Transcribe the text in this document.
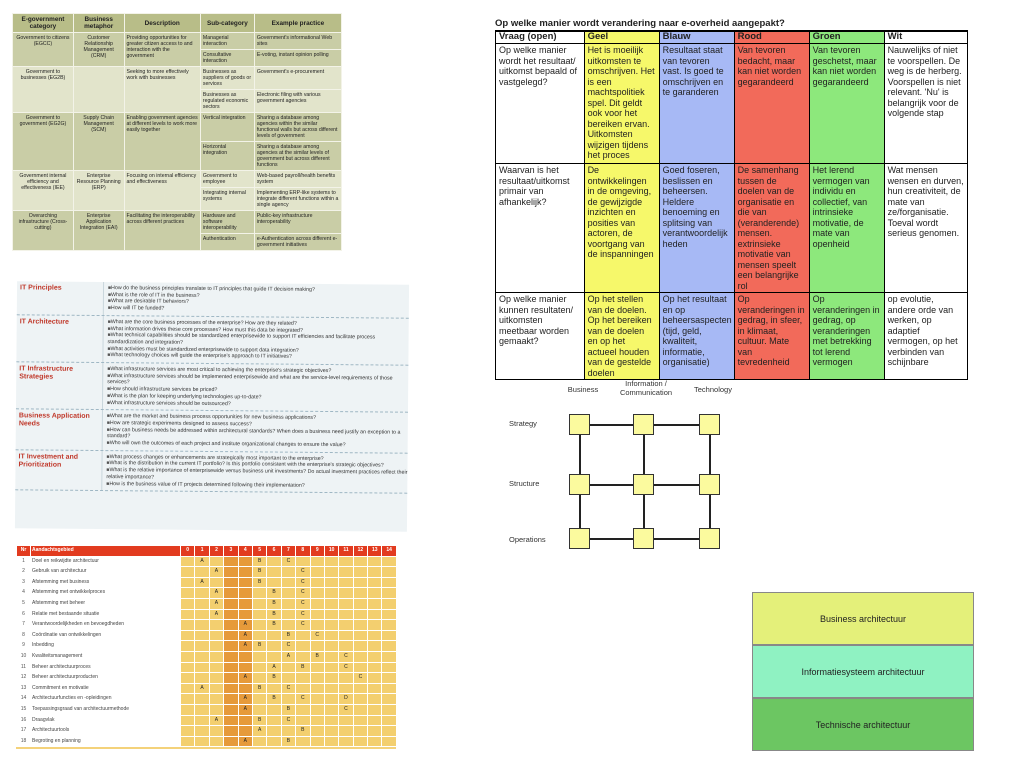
E-government category	Business metaphor	Description	Sub-category	Example practice
Government to citizens (EGCC)	Customer Relationship Management (CRM)	Providing opportunities for greater citizen access to and interaction with the government	Managerial interaction	Government's informational Web sites
			Consultative interaction	E-voting, instant opinion polling
Government to businesses (EG2B)		Seeking to more effectively work with businesses	Businesses as suppliers of goods or services	Government's e-procurement
			Businesses as regulated economic sectors	Electronic filing with various government agencies
Government to government (EG2G)	Supply Chain Management (SCM)	Enabling government agencies at different levels to work more easily together	Vertical integration	Sharing a database among agencies within the similar functional walls but across different levels of government
			Horizontal integration	Sharing a database among agencies at the similar levels of government but across different functions
Government internal efficiency and effectiveness (IEE)	Enterprise Resource Planning (ERP)	Focusing on internal efficiency and effectiveness	Government to employee	Web-based payroll/health benefits system
			Integrating internal systems	Implementing ERP-like systems to integrate different functions within a single agency
Overarching infrastructure (Cross-cutting)	Enterprise Application Integration (EAI)	Facilitating the interoperability across different practices	Hardware and software interoperability	Public-key infrastructure interoperability
			Authentication	e-Authentication across different e-government initiatives
Op welke manier wordt verandering naar e-overheid aangepakt?
Vraag (open)	Geel	Blauw	Rood	Groen	Wit
Op welke manier wordt het resultaat/ uitkomst bepaald of vastgelegd?	Het is moeilijk uitkomsten te omschrijven. Het is een machtspolitiek spel. Dit geldt ook voor het bereiken ervan. Uitkomsten wijzigen tijdens het proces	Resultaat staat van tevoren vast. Is goed te omschrijven en te garanderen	Van tevoren bedacht, maar kan niet worden gegarandeerd	Van tevoren geschetst, maar kan niet worden gegarandeerd	Nauwelijks of niet te voorspellen. De weg is de herberg. Voorspellen is niet relevant. 'Nu' is belangrijk voor de volgende stap
Waarvan is het resultaat/uitkomst primair van afhankelijk?	De ontwikkelingen in de omgeving, de gewijzigde inzichten en posities van actoren, de voortgang van de inspanningen	Goed foseren, beslissen en beheersen. Heldere benoeming en splitsing van verantwoordelijk heden	De samenhang tussen de doelen van de organisatie en die van (veranderende) mensen. extrinsieke motivatie van mensen speelt een belangrijke rol	Het lerend vermogen van individu en collectief, van intrinsieke motivatie, de mate van openheid	Wat mensen wensen en durven, hun creativiteit, de mate van ze/forganisatie. Toeval wordt serieus genomen.
Op welke manier kunnen resultaten/ uitkomsten meetbaar worden gemaakt?	Op het stellen van de doelen. Op het bereiken van de doelen en op het actueel houden van de gestelde doelen	Op het resultaat en op beheersaspecten (tijd, geld, kwaliteit, informatie, organisatie)	Op veranderingen in gedrag, in sfeer, in klimaat, cultuur. Mate van tevredenheid	Op veranderingen in gedrag, op veranderingen met betrekking tot lerend vermogen	op evolutie, andere orde van werken, op adaptief vermogen, op het verbinden van schijnbare
IT Principles	■ How do the business principles translate to IT principles that guide IT decision making?
■ What is the role of IT in the business?
■ What are desirable IT behaviors?
■ How will IT be funded?
IT Architecture	■ What are the core business processes of the enterprise? How are they related?
■ What information drives these core processes? How must this data be integrated?
■ What technical capabilities should be standardized enterprisewide to support IT efficiencies and facilitate process standardization and integration?
■ What activities must be standardized enterprisewide to support data integration?
■ What technology choices will guide the enterprise's approach to IT initiatives?
IT Infrastructure Strategies
■ What infrastructure services are most critical to achieving the enterprise's strategic objectives?
■ What infrastructure services should be implemented enterprisewide and what are the service-level requirements of those services?
■ How should infrastructure services be priced?
■ What is the plan for keeping underlying technologies up-to-date?
■ What infrastructure services should be outsourced?
Business Application Needs
■ What are the market and business process opportunities for new business applications?
■ How are strategic experiments designed to assess success?
■ How can business needs be addressed within architectural standards? When does a business need justify an exception to a standard?
■ Who will own the outcomes of each project and institute organizational changes to ensure the value?
IT Investment and Prioritization
■ What process changes or enhancements are strategically most important to the enterprise?
■ What is the distribution in the current IT portfolio? Is this portfolio consistent with the enterprise's strategic objectives?
■ What is the relative importance of enterprisewide versus business unit investments? Do actual investment practices reflect their relative importance?
■ How is the business value of IT projects determined following their implementation?
Nr	Aandachtsgebied	0	1	2	3	4	5	6	7	8	9	10	11	12	13	14
1	Doel en reikwijdte architectuur		A				B		C							
2	Gebruik van architectuur			A			B			C						
3	Afstemming met business		A				B			C						
4	Afstemming met ontwikkelproces			A				B		C						
5	Afstemming met beheer			A				B		C						
6	Relatie met bestaande situatie			A				B		C						
7	Verantwoordelijkheden en bevoegdheden					A		B		C						
8	Coördinatie van ontwikkelingen					A			B		C					
9	Inbedding					A	B		C							
10	Kwaliteitsmanagement								A		B		C			
11	Beheer architectuurproces							A		B			C			
12	Beheer architectuurproducten					A		B						C		
13	Commitment en motivatie		A				B		C							
14	Architectuurfuncties en -opleidingen					A		B		C			D			
15	Toepassingsgraad van architectuurmethode					A			B				C			
16	Draagvlak			A			B		C							
17	Architectuurtools						A			B						
18	Begroting en planning					A			B							
Business
Information / Communication	Technology
Strategy
Structure
Operations
Business architectuur
Informatiesysteem architectuur
Technische architectuur
